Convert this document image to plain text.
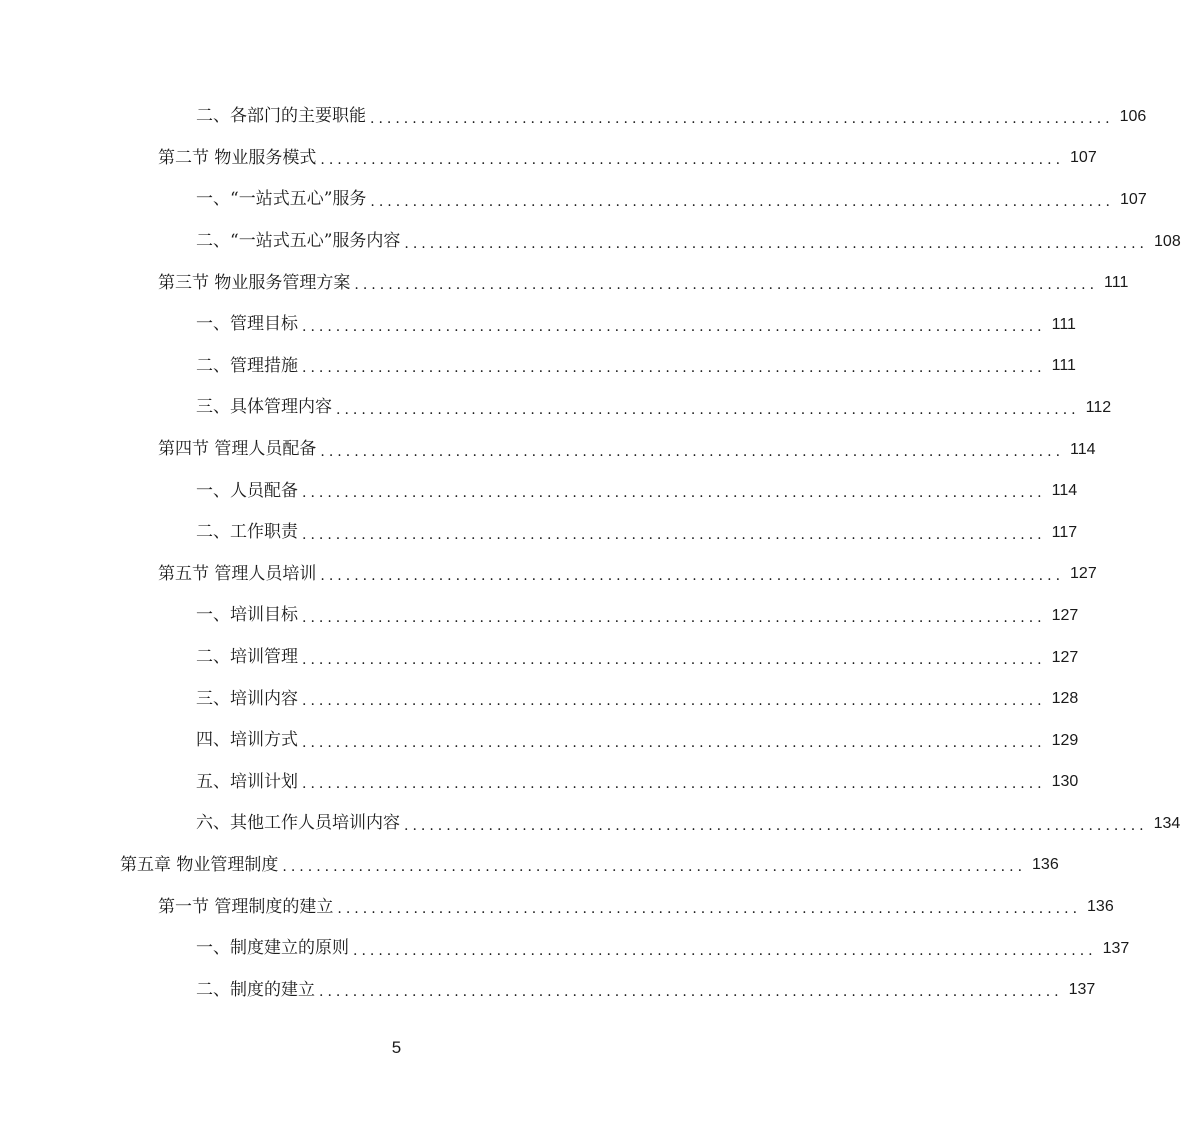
二、各部门的主要职能 ........................................................................................ 106
第二节 物业服务模式 ........................................................................................ 107
一、“一站式五心”服务 ........................................................................................ 107
二、“一站式五心”服务内容 ........................................................................................ 108
第三节 物业服务管理方案 ........................................................................................ 111
一、管理目标 ........................................................................................ 111
二、管理措施 ........................................................................................ 111
三、具体管理内容 ........................................................................................ 112
第四节 管理人员配备 ........................................................................................ 114
一、人员配备 ........................................................................................ 114
二、工作职责 ........................................................................................ 117
第五节 管理人员培训 ........................................................................................ 127
一、培训目标 ........................................................................................ 127
二、培训管理 ........................................................................................ 127
三、培训内容 ........................................................................................ 128
四、培训方式 ........................................................................................ 129
五、培训计划 ........................................................................................ 130
六、其他工作人员培训内容 ........................................................................................ 134
第五章 物业管理制度 ........................................................................................ 136
第一节 管理制度的建立 ........................................................................................ 136
一、制度建立的原则 ........................................................................................ 137
二、制度的建立 ........................................................................................ 137
5
